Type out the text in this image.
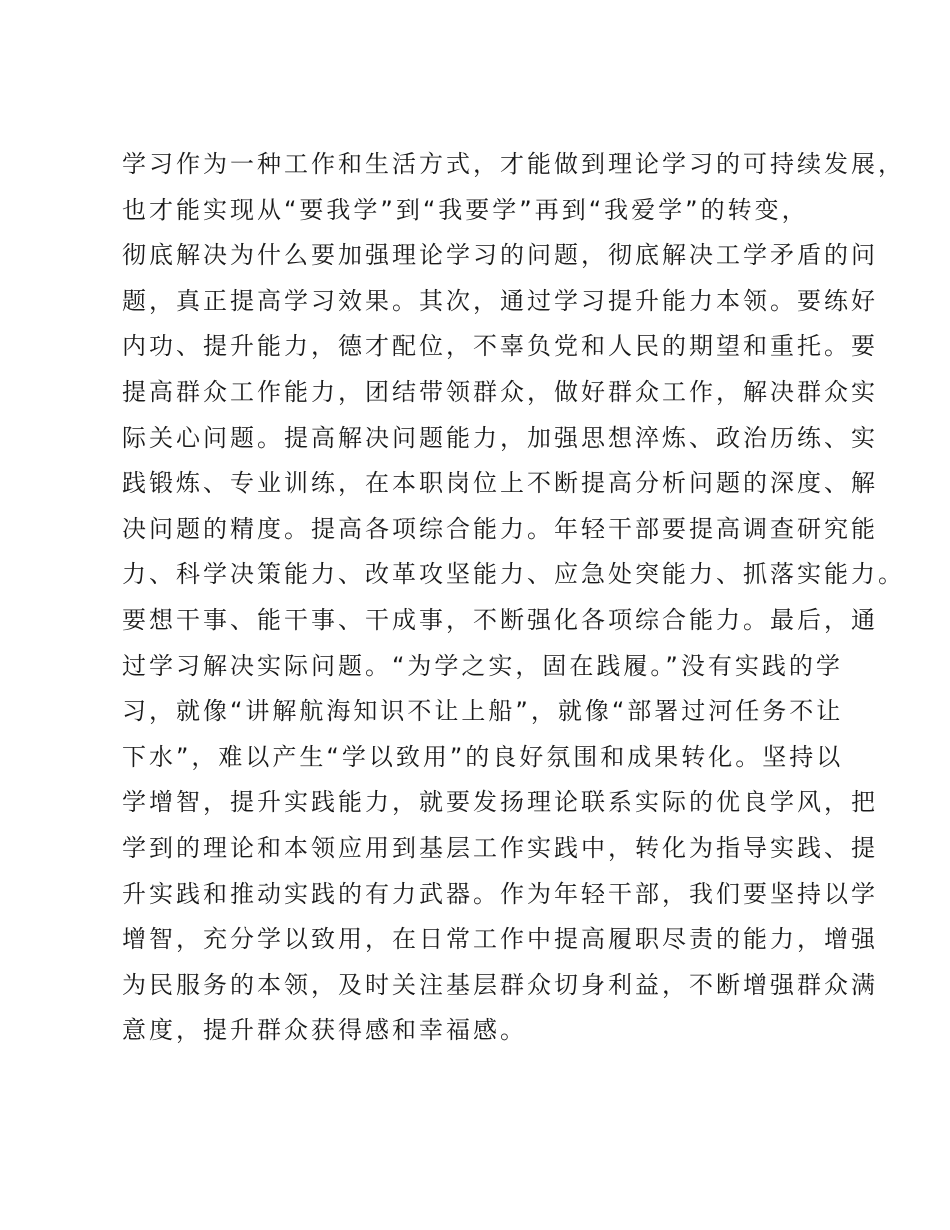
学习作为一种工作和生活方式，才能做到理论学习的可持续发展，
也才能实现从“要我学”到“我要学”再到“我爱学”的转变，
彻底解决为什么要加强理论学习的问题，彻底解决工学矛盾的问
题，真正提高学习效果。其次，通过学习提升能力本领。要练好
内功、提升能力，德才配位，不辜负党和人民的期望和重托。要
提高群众工作能力，团结带领群众，做好群众工作，解决群众实
际关心问题。提高解决问题能力，加强思想淬炼、政治历练、实
践锻炼、专业训练，在本职岗位上不断提高分析问题的深度、解
决问题的精度。提高各项综合能力。年轻干部要提高调查研究能
力、科学决策能力、改革攻坚能力、应急处突能力、抓落实能力。
要想干事、能干事、干成事，不断强化各项综合能力。最后，通
过学习解决实际问题。“为学之实，固在践履。”没有实践的学
习，就像“讲解航海知识不让上船”，就像“部署过河任务不让
下水”，难以产生“学以致用”的良好氛围和成果转化。坚持以
学增智，提升实践能力，就要发扬理论联系实际的优良学风，把
学到的理论和本领应用到基层工作实践中，转化为指导实践、提
升实践和推动实践的有力武器。作为年轻干部，我们要坚持以学
增智，充分学以致用，在日常工作中提高履职尽责的能力，增强
为民服务的本领，及时关注基层群众切身利益，不断增强群众满
意度，提升群众获得感和幸福感。
